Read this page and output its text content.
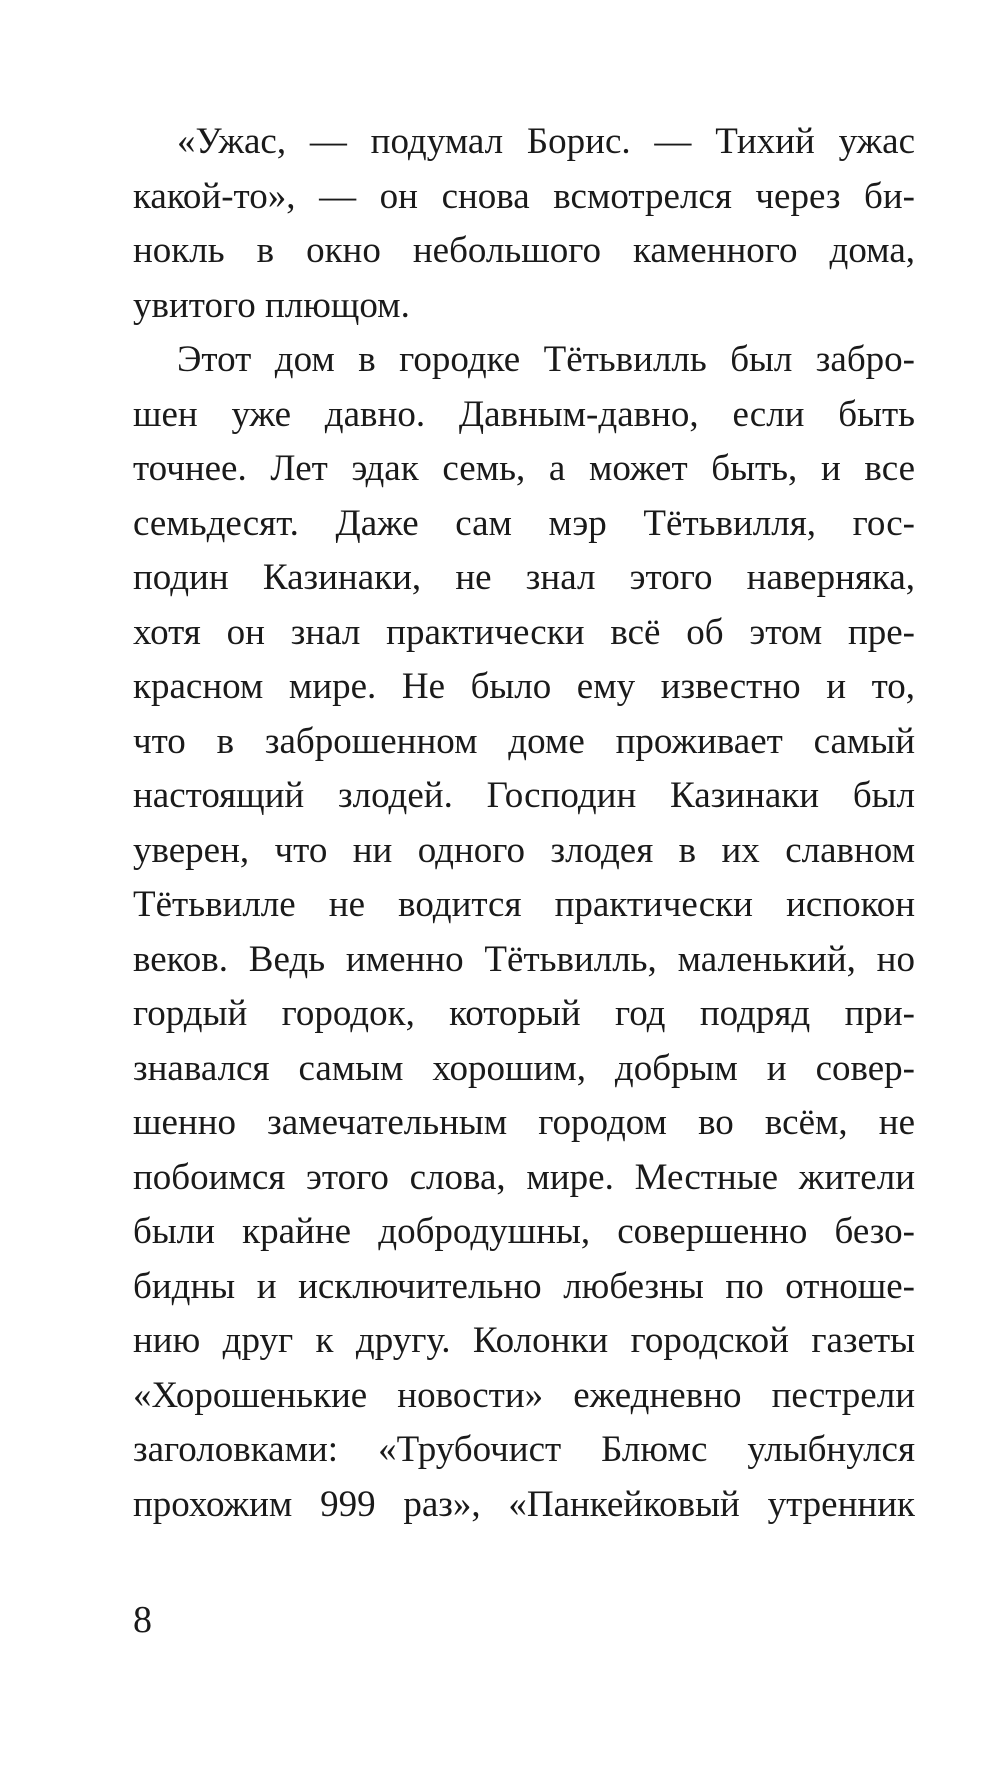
«Ужас, — подумал Борис. — Тихий ужас
какой-то», — он снова всмотрелся через би-
нокль в окно небольшого каменного дома,
увитого плющом.
Этот дом в городке Тётьвилль был забро-
шен уже давно. Давным-давно, если быть
точнее. Лет эдак семь, а может быть, и все
семьдесят. Даже сам мэр Тётьвилля, гос-
подин Казинаки, не знал этого наверняка,
хотя он знал практически всё об этом пре-
красном мире. Не было ему известно и то,
что в заброшенном доме проживает самый
настоящий злодей. Господин Казинаки был
уверен, что ни одного злодея в их славном
Тётьвилле не водится практически испокон
веков. Ведь именно Тётьвилль, маленький, но
гордый городок, который год подряд при-
знавался самым хорошим, добрым и совер-
шенно замечательным городом во всём, не
побоимся этого слова, мире. Местные жители
были крайне добродушны, совершенно безо-
бидны и исключительно любезны по отноше-
нию друг к другу. Колонки городской газеты
«Хорошенькие новости» ежедневно пестрели
заголовками: «Трубочист Блюмс улыбнулся
прохожим 999 раз», «Панкейковый утренник
8
